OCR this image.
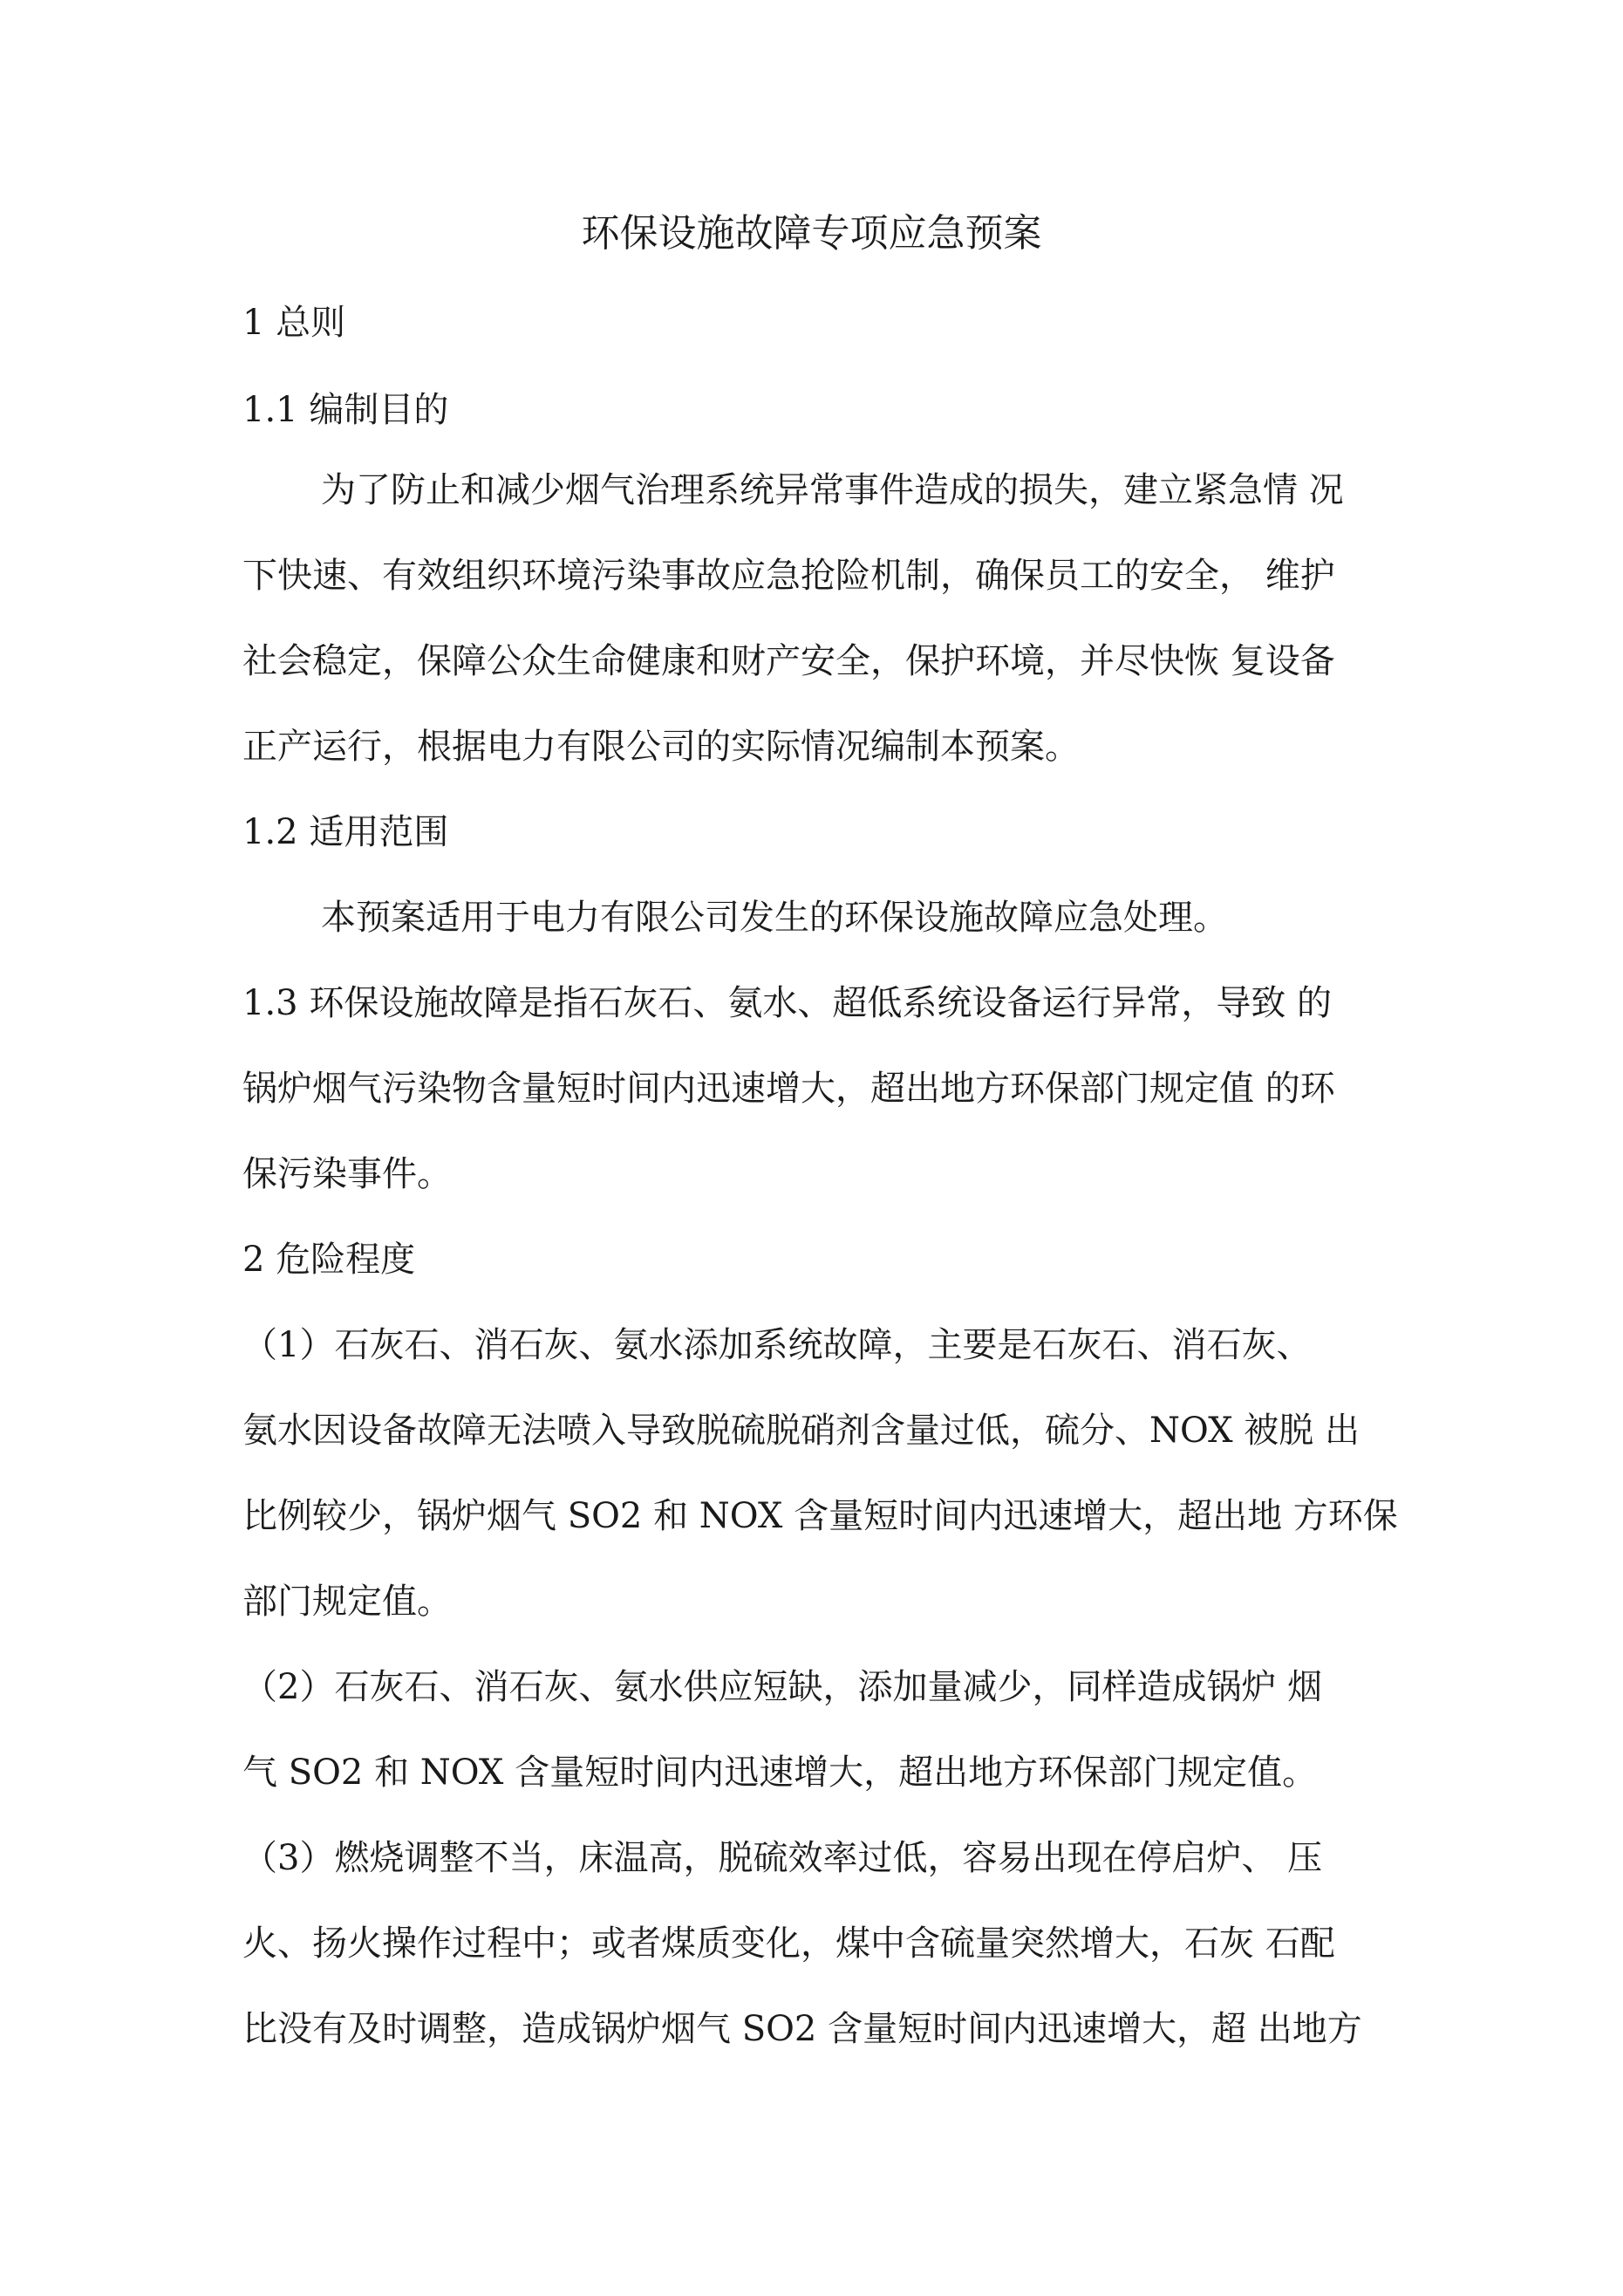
环保设施故障专项应急预案
1 总则
1.1 编制目的
为了防止和减少烟气治理系统异常事件造成的损失，建立紧急情 况
下快速、有效组织环境污染事故应急抢险机制，确保员工的安全， 维护
社会稳定，保障公众生命健康和财产安全，保护环境，并尽快恢 复设备
正产运行，根据电力有限公司的实际情况编制本预案。
1.2 适用范围
本预案适用于电力有限公司发生的环保设施故障应急处理。
1.3 环保设施故障是指石灰石、氨水、超低系统设备运行异常，导致 的
锅炉烟气污染物含量短时间内迅速增大，超出地方环保部门规定值 的环
保污染事件。
2 危险程度
（1）石灰石、消石灰、氨水添加系统故障，主要是石灰石、消石灰、
氨水因设备故障无法喷入导致脱硫脱硝剂含量过低，硫分、NOX 被脱 出
比例较少，锅炉烟气 SO2 和 NOX 含量短时间内迅速增大，超出地 方环保
部门规定值。
（2）石灰石、消石灰、氨水供应短缺，添加量减少，同样造成锅炉 烟
气 SO2 和 NOX 含量短时间内迅速增大，超出地方环保部门规定值。
（3）燃烧调整不当，床温高，脱硫效率过低，容易出现在停启炉、 压
火、扬火操作过程中；或者煤质变化，煤中含硫量突然增大，石灰 石配
比没有及时调整，造成锅炉烟气 SO2 含量短时间内迅速增大，超 出地方
